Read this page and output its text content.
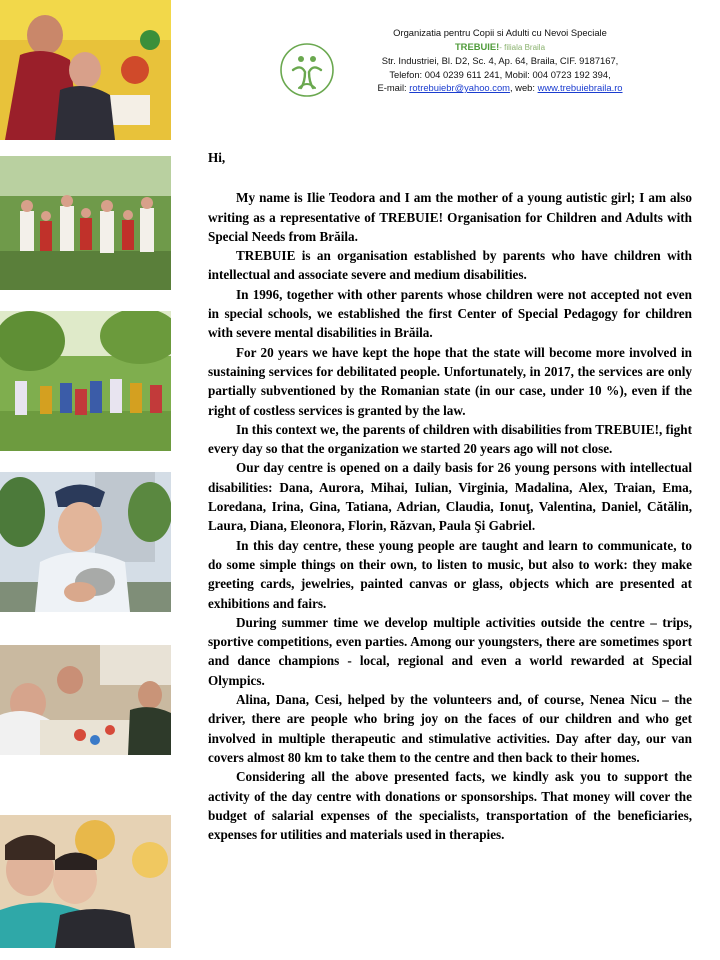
Organizatia pentru Copii si Adulti cu Nevoi Speciale
TREBUIE!- filiala Braila
Str. Industriei, Bl. D2, Sc. 4, Ap. 64, Braila, CIF. 9187167,
Telefon: 004 0239 611 241, Mobil: 004 0723 192 394,
E-mail: rotrebuiebr@yahoo.com, web: www.trebuiebraila.ro
Hi,

My name is Ilie Teodora and I am the mother of a young autistic girl; I am also writing as a representative of TREBUIE! Organisation for Children and Adults with Special Needs from Brăila.

TREBUIE is an organisation established by parents who have children with intellectual and associate severe and medium disabilities.

In 1996, together with other parents whose children were not accepted not even in special schools, we established the first Center of Special Pedagogy for children with severe mental disabilities in Brăila.

For 20 years we have kept the hope that the state will become more involved in sustaining services for debilitated people. Unfortunately, in 2017, the services are only partially subventioned by the Romanian state (in our case, under 10 %), even if the right of costless services is granted by the law.

In this context we, the parents of children with disabilities from TREBUIE!, fight every day so that the organization we started 20 years ago will not close.

Our day centre is opened on a daily basis for 26 young persons with intellectual disabilities: Dana, Aurora, Mihai, Iulian, Virginia, Madalina, Alex, Traian, Ema, Loredana, Irina, Gina, Tatiana, Adrian, Claudia, Ionuţ, Valentina, Daniel, Cătălin, Laura, Diana, Eleonora, Florin, Răzvan, Paula Şi Gabriel.

In this day centre, these young people are taught and learn to communicate, to do some simple things on their own, to listen to music, but also to work: they make greeting cards, jewelries, painted canvas or glass, objects which are presented at exhibitions and fairs.

During summer time we develop multiple activities outside the centre – trips, sportive competitions, even parties. Among our youngsters, there are sometimes sport and dance champions - local, regional and even a world rewarded at Special Olympics.

Alina, Dana, Cesi, helped by the volunteers and, of course, Nenea Nicu – the driver, there are people who bring joy on the faces of our children and who get involved in multiple therapeutic and stimulative activities. Day after day, our van covers almost 80 km to take them to the centre and then back to their homes.

Considering all the above presented facts, we kindly ask you to support the activity of the day centre with donations or sponsorships. That money will cover the budget of salarial expenses of the specialists, transportation of the beneficiaries, expenses for utilities and materials used in therapies.
